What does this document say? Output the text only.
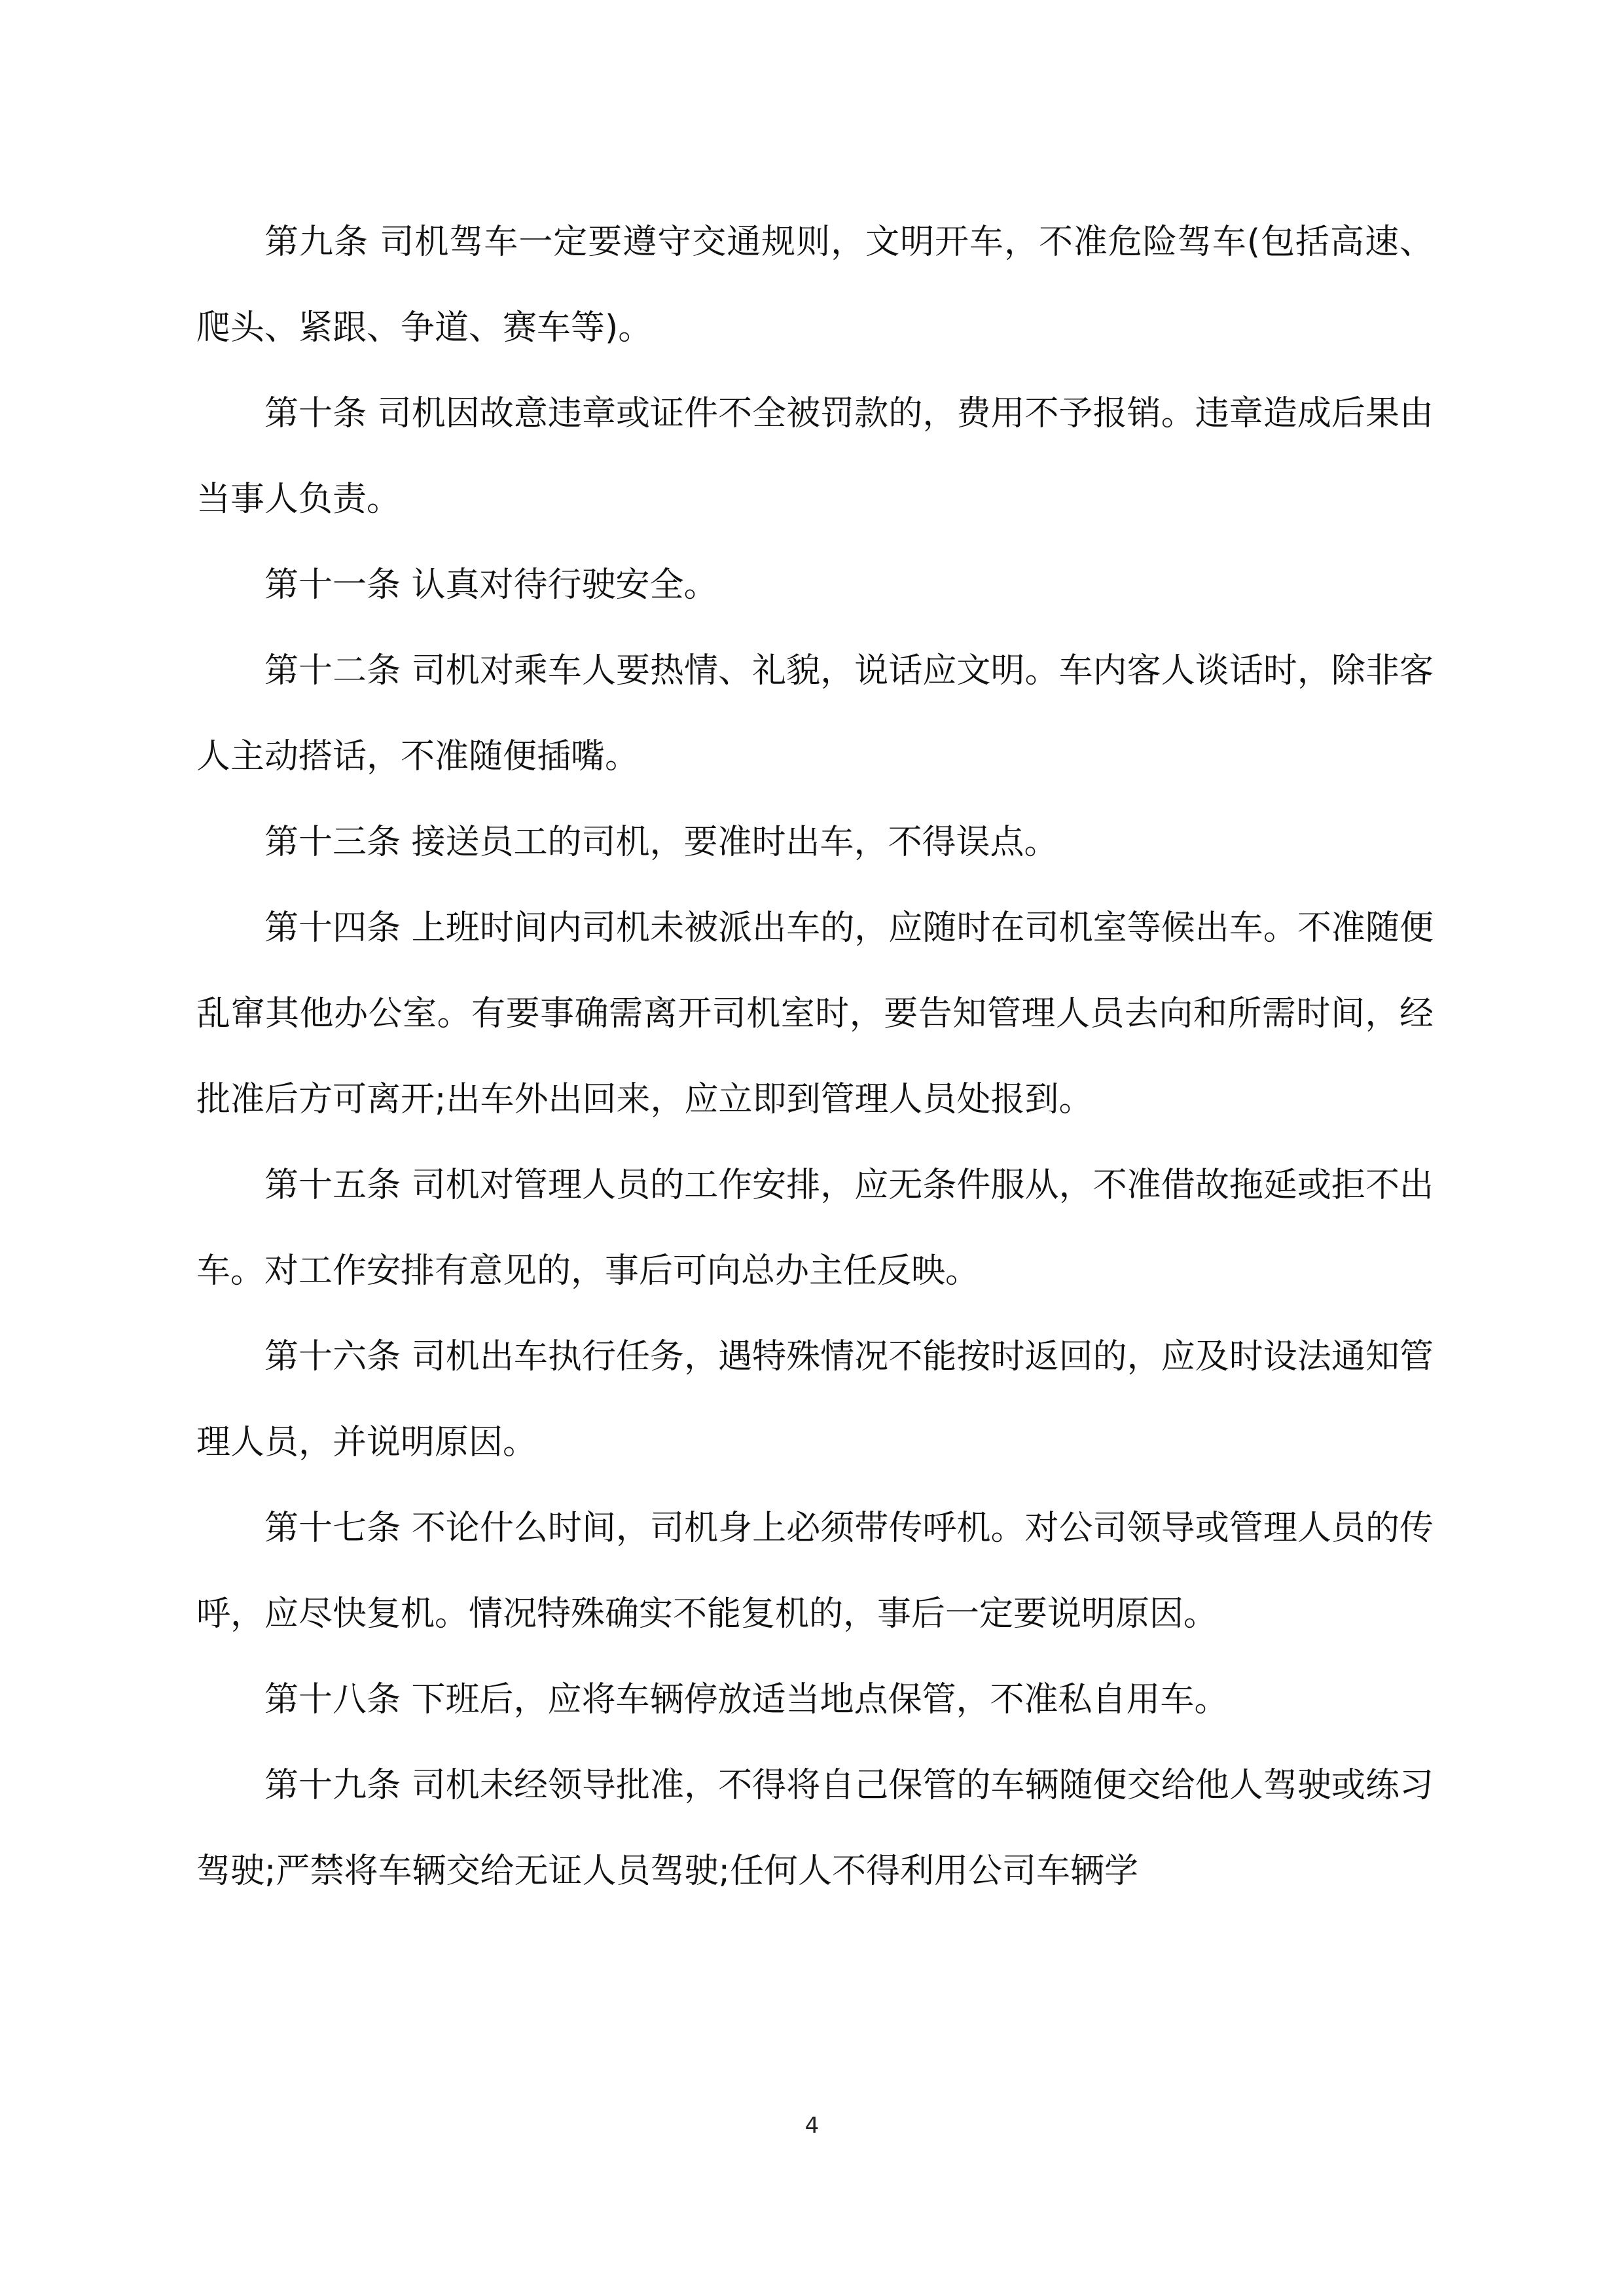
第九条 司机驾车一定要遵守交通规则，文明开车，不准危险驾车(包括高速、爬头、紧跟、争道、赛车等)。

第十条 司机因故意违章或证件不全被罚款的，费用不予报销。违章造成后果由当事人负责。

第十一条 认真对待行驶安全。

第十二条 司机对乘车人要热情、礼貌，说话应文明。车内客人谈话时，除非客人主动搭话，不准随便插嘴。

第十三条 接送员工的司机，要准时出车，不得误点。

第十四条 上班时间内司机未被派出车的，应随时在司机室等候出车。不准随便乱窜其他办公室。有要事确需离开司机室时，要告知管理人员去向和所需时间，经批准后方可离开;出车外出回来，应立即到管理人员处报到。

第十五条 司机对管理人员的工作安排，应无条件服从，不准借故拖延或拒不出车。对工作安排有意见的，事后可向总办主任反映。

第十六条 司机出车执行任务，遇特殊情况不能按时返回的，应及时设法通知管理人员，并说明原因。

第十七条 不论什么时间，司机身上必须带传呼机。对公司领导或管理人员的传呼，应尽快复机。情况特殊确实不能复机的，事后一定要说明原因。

第十八条 下班后，应将车辆停放适当地点保管，不准私自用车。

第十九条 司机未经领导批准，不得将自己保管的车辆随便交给他人驾驶或练习驾驶;严禁将车辆交给无证人员驾驶;任何人不得利用公司车辆学

4
